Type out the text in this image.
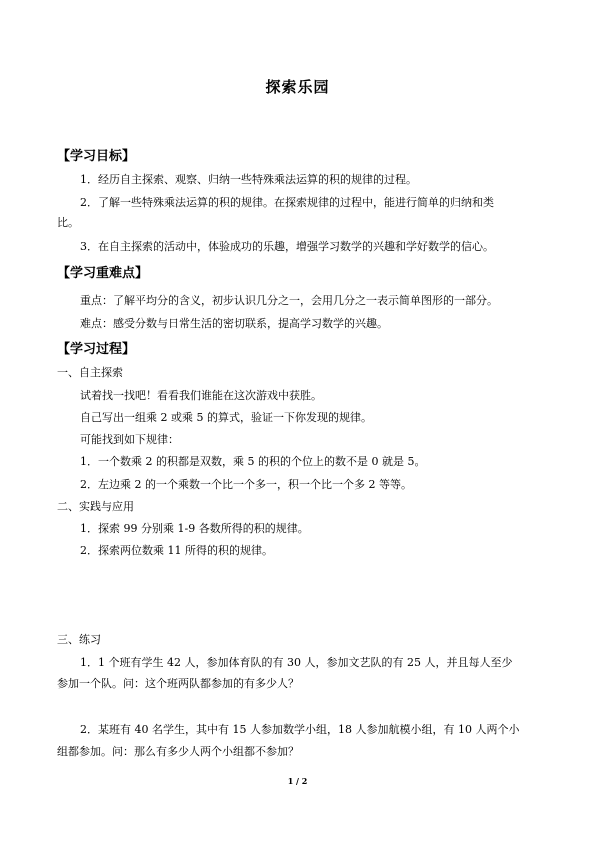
探索乐园
【学习目标】
1．经历自主探索、观察、归纳一些特殊乘法运算的积的规律的过程。
2．了解一些特殊乘法运算的积的规律。在探索规律的过程中，能进行简单的归纳和类
比。
3．在自主探索的活动中，体验成功的乐趣，增强学习数学的兴趣和学好数学的信心。
【学习重难点】
重点：了解平均分的含义，初步认识几分之一，会用几分之一表示简单图形的一部分。
难点：感受分数与日常生活的密切联系，提高学习数学的兴趣。
【学习过程】
一、自主探索
试着找一找吧！看看我们谁能在这次游戏中获胜。
自己写出一组乘 2 或乘 5 的算式，验证一下你发现的规律。
可能找到如下规律：
1．一个数乘 2 的积都是双数，乘 5 的积的个位上的数不是 0 就是 5。
2．左边乘 2 的一个乘数一个比一个多一，积一个比一个多 2 等等。
二、实践与应用
1．探索 99 分别乘 1-9 各数所得的积的规律。
2．探索两位数乘 11 所得的积的规律。
三、练习
1．1 个班有学生 42 人，参加体育队的有 30 人，参加文艺队的有 25 人，并且每人至少
参加一个队。问：这个班两队都参加的有多少人？
2．某班有 40 名学生，其中有 15 人参加数学小组，18 人参加航模小组，有 10 人两个小
组都参加。问：那么有多少人两个小组都不参加？
1 / 2
